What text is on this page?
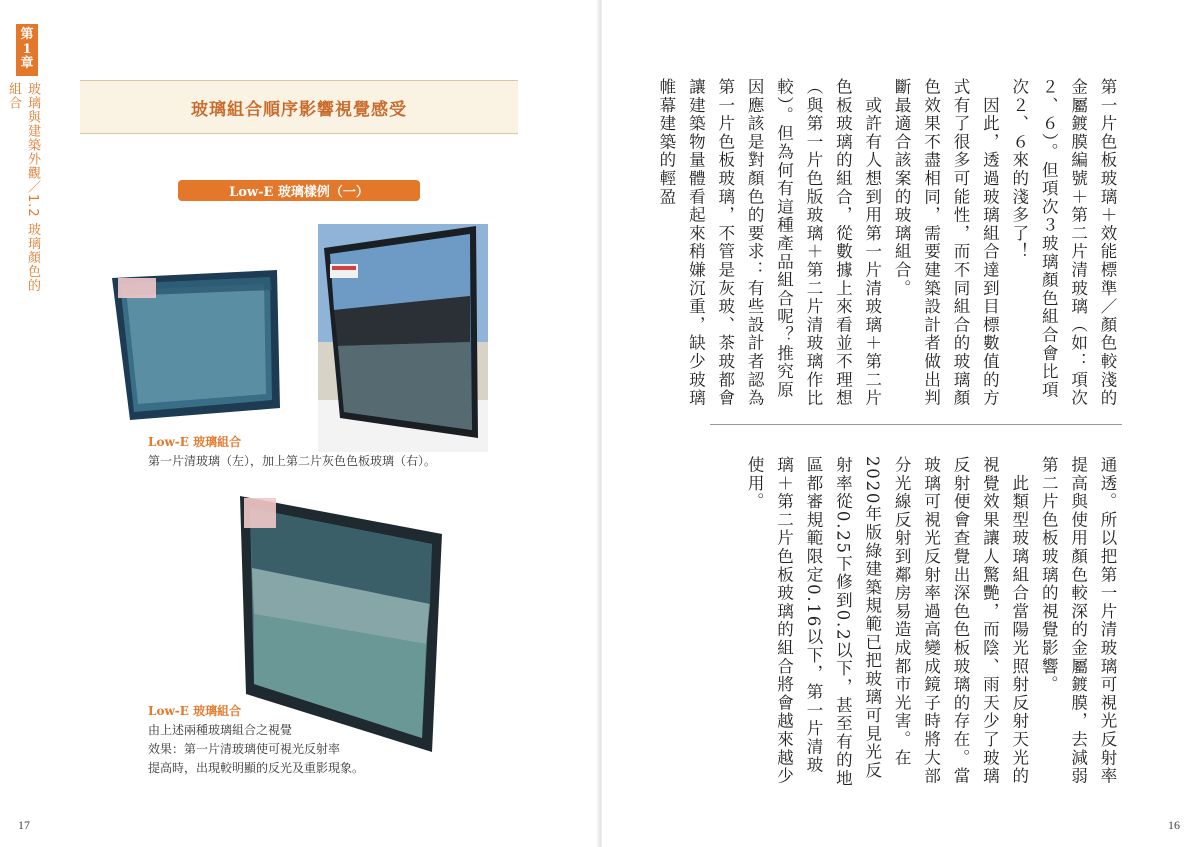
第
1
章
玻璃與建築外觀／1.2 玻璃顏色的組合	玻璃組合順序影響視覺感受
Low-E 玻璃樣例（一）
Low-E 玻璃組合
第一片清玻璃（左），加上第二片灰色色板玻璃（右）。
Low-E 玻璃組合
由上述兩種玻璃組合之視覺
效果：第一片清玻璃使可視光反射率
提高時，出現較明顯的反光及重影現象。
17	16

第一片色板玻璃＋效能標準／顏色較淺的金屬鍍膜編號＋第二片清玻璃（如：項次２、６）。但項次３玻璃顏色組合會比項次２、６來的淺多了！

　因此，透過玻璃組合達到目標數值的方式有了很多可能性，而不同組合的玻璃顏色效果不盡相同，需要建築設計者做出判斷最適合該案的玻璃組合。

　或許有人想到用第一片清玻璃＋第二片色板玻璃的組合，從數據上來看並不理想（與第一片色版玻璃＋第二片清玻璃作比較）。但為何有這種產品組合呢？推究原因應該是對顏色的要求：有些設計者認為第一片色板玻璃，不管是灰玻、茶玻都會讓建築物量體看起來稍嫌沉重，缺少玻璃帷幕建築的輕盈

通透。所以把第一片清玻璃可視光反射率提高與使用顏色較深的金屬鍍膜，去減弱第二片色板玻璃的視覺影響。

　此類型玻璃組合當陽光照射反射天光的視覺效果讓人驚艷，而陰、雨天少了玻璃反射便會查覺出深色色板玻璃的存在。當玻璃可視光反射率過高變成鏡子時將大部分光線反射到鄰房易造成都市光害。在2020年版綠建築規範已把玻璃可見光反射率從0.25下修到0.2以下，甚至有的地區都審規範限定0.16以下，第一片清玻璃＋第二片色板玻璃的組合將會越來越少使用。
